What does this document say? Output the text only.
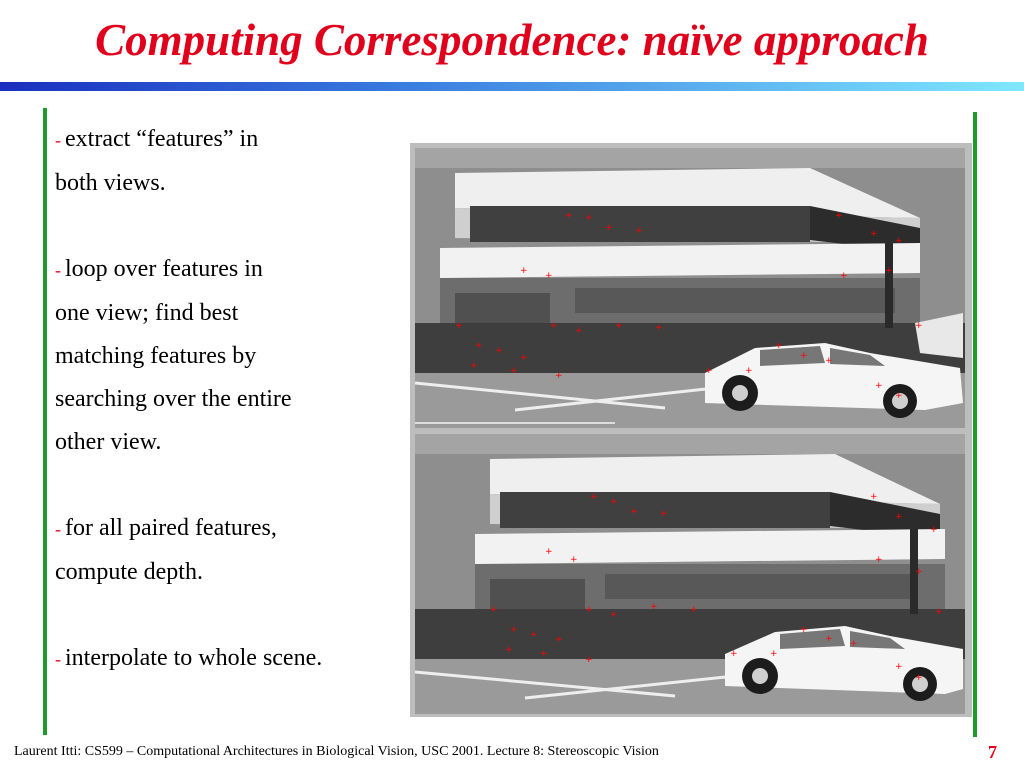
Computing Correspondence: naïve approach
- extract “features” in
both views.
- loop over features in
one view; find best
matching features by
searching over the entire
other view.
- for all paired features,
compute depth.
- interpolate to whole scene.
+ +
+ +
+ +
+
+
+
+	+
+
+ +
+
+ +	+	+
+	+
+
+ +
+
+
+
+	+
+
+ +
+ +
+
+
+
+
+
+
+
+
+ + +
+ +
+	+
+	+
+
+ +
+
+
+
+	+
+
Laurent Itti: CS599 – Computational Architectures in Biological Vision, USC 2001. Lecture 8: Stereoscopic Vision	7
